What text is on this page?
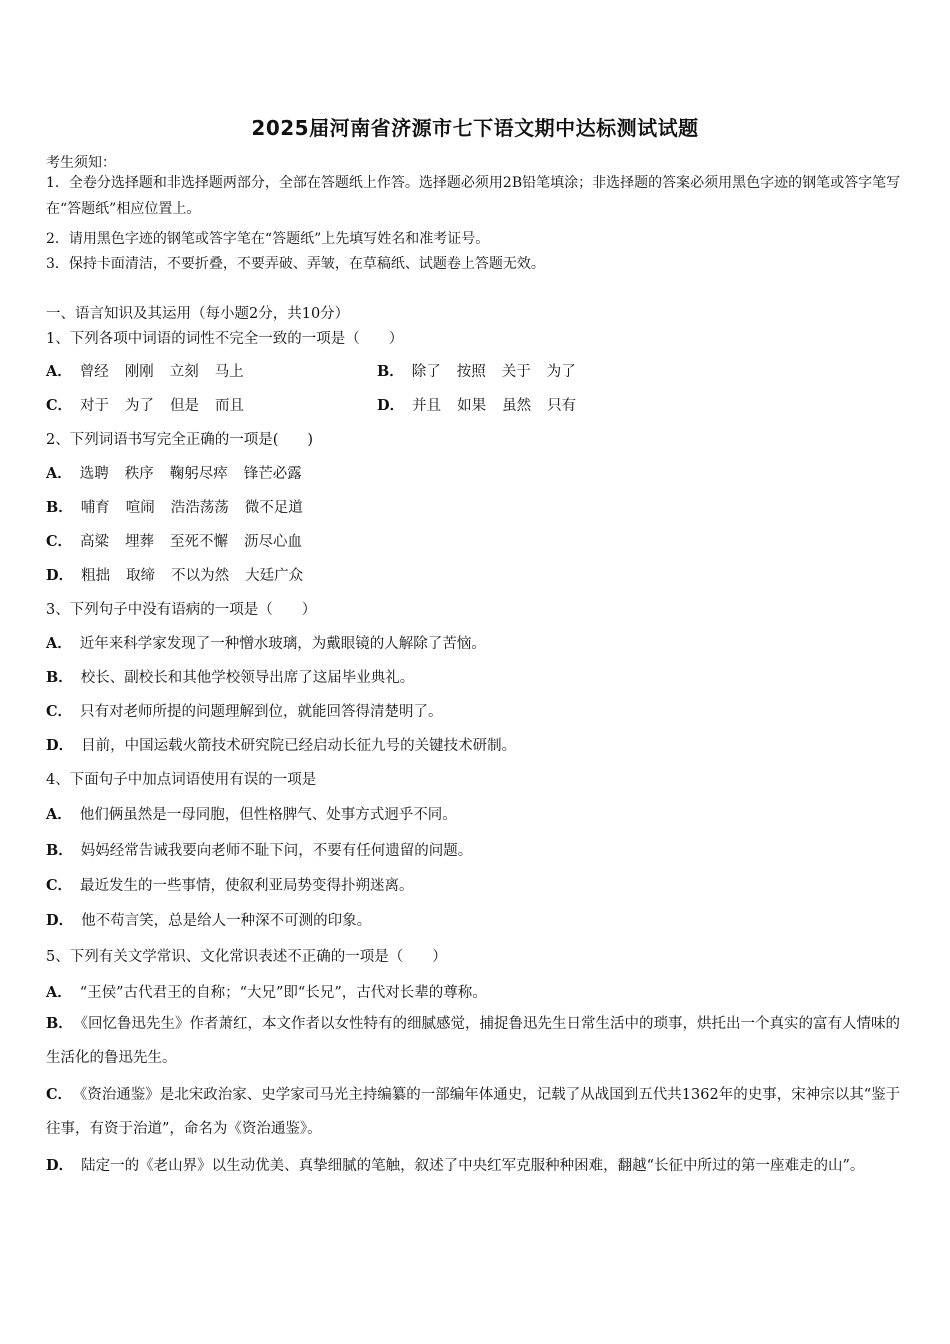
2025届河南省济源市七下语文期中达标测试试题
考生须知：
1．全卷分选择题和非选择题两部分，全部在答题纸上作答。选择题必须用2B铅笔填涂；非选择题的答案必须用黑色字迹的钢笔或答字笔写在“答题纸”相应位置上。
2．请用黑色字迹的钢笔或答字笔在“答题纸”上先填写姓名和准考证号。
3．保持卡面清洁，不要折叠，不要弄破、弄皱，在草稿纸、试题卷上答题无效。
一、语言知识及其运用（每小题2分，共10分）
1、下列各项中词语的词性不完全一致的一项是（　　）
A． 曾经 刚刚 立刻 马上	B． 除了 按照 关于 为了
C． 对于 为了 但是 而且	D． 并且 如果 虽然 只有
2、下列词语书写完全正确的一项是(　　)
A． 选聘 秩序 鞠躬尽瘁 锋芒必露
B． 哺育 喧闹 浩浩荡荡 微不足道
C． 高粱 埋葬 至死不懈 沥尽心血
D． 粗拙 取缔 不以为然 大廷广众
3、下列句子中没有语病的一项是（　　）
A． 近年来科学家发现了一种憎水玻璃，为戴眼镜的人解除了苦恼。
B． 校长、副校长和其他学校领导出席了这届毕业典礼。
C． 只有对老师所提的问题理解到位，就能回答得清楚明了。
D． 目前，中国运载火箭技术研究院已经启动长征九号的关键技术研制。
4、下面句子中加点词语使用有误的一项是
A． 他们俩虽然是一母同胞，但性格脾气、处事方式迥乎不同。
B． 妈妈经常告诫我要向老师不耻下问，不要有任何遗留的问题。
C． 最近发生的一些事情，使叙利亚局势变得扑朔迷离。
D． 他不苟言笑，总是给人一种深不可测的印象。
5、下列有关文学常识、文化常识表述不正确的一项是（　　）
A． “王侯”古代君王的自称；“大兄”即“长兄”，古代对长辈的尊称。
B． 《回忆鲁迅先生》作者萧红，本文作者以女性特有的细腻感觉，捕捉鲁迅先生日常生活中的琐事，烘托出一个真实的富有人情味的生活化的鲁迅先生。
C． 《资治通鉴》是北宋政治家、史学家司马光主持编纂的一部编年体通史，记载了从战国到五代共1362年的史事，宋神宗以其“鉴于往事，有资于治道”，命名为《资治通鉴》。
D． 陆定一的《老山界》以生动优美、真挚细腻的笔触，叙述了中央红军克服种种困难，翻越“长征中所过的第一座难走的山”。
